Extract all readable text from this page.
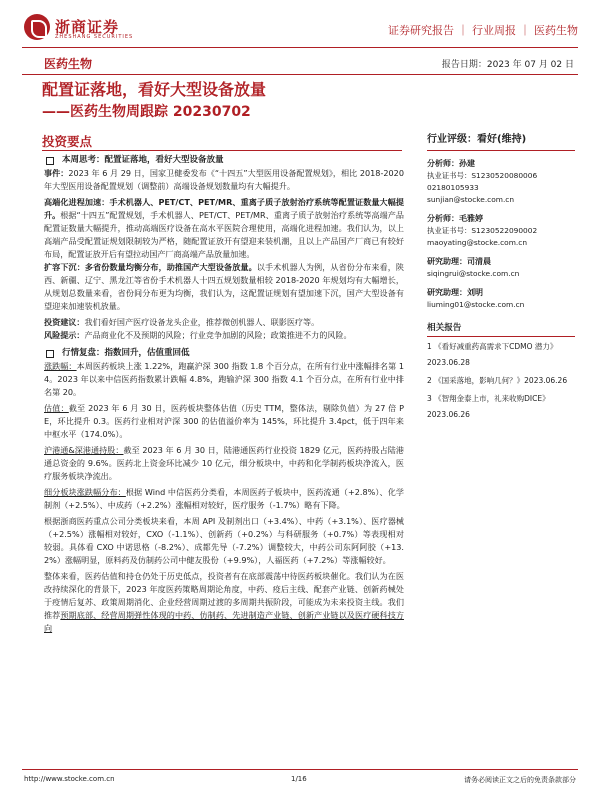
浙商证券
ZHESHANG SECURITIES	证券研究报告 ｜ 行业周报 ｜ 医药生物
医药生物	报告日期：2023 年 07 月 02 日
配置证落地，看好大型设备放量
——医药生物周跟踪 20230702
投资要点
本周思考：配置证落地，看好大型设备放量

事件：2023 年 6 月 29 日，国家卫健委发布《“十四五”大型医用设备配置规划》，相比 2018-2020 年大型医用设备配置规划（调整前）高端设备规划数量均有大幅提升。

高端化进程加速：手术机器人、PET/CT、PET/MR、重离子质子放射治疗系统等配置证数量大幅提升。根据“十四五”配置规划，手术机器人、PET/CT、PET/MR、重离子质子放射治疗系统等高端产品配置证数量大幅提升，推动高端医疗设备在高水平医院合理使用，高端化进程加速。我们认为，以上高端产品受配置证规划限制较为严格，随配置证放开有望迎来装机潮，且以上产品国产厂商已有较好布局，配置证放开后有望拉动国产厂商高端产品放量加速。

扩容下沉：多省份数量均衡分布，助推国产大型设备放量。以手术机器人为例，从省份分布来看，陕西、新疆、辽宁、黑龙江等省份手术机器人十四五规划数量相较 2018-2020 年规划均有大幅增长，从规划总数量来看，省份间分布更为均衡，我们认为，这配置证规划有望加速下沉，国产大型设备有望迎来加速装机放量。

投资建议：我们看好国产医疗设备龙头企业，推荐微创机器人、联影医疗等。

风险提示：产品商业化不及预期的风险；行业竞争加剧的风险；政策推进不力的风险。

行情复盘：指数回升，估值重回低

涨跌幅：本周医药板块上涨 1.22%，跑赢沪深 300 指数 1.8 个百分点，在所有行业中涨幅排名第 14。2023 年以来中信医药指数累计跌幅 4.8%，跑输沪深 300 指数 4.1 个百分点，在所有行业中排名第 20。

估值：截至 2023 年 6 月 30 日，医药板块整体估值（历史 TTM，整体法，剔除负值）为 27 倍 PE，环比提升 0.3。医药行业相对沪深 300 的估值溢价率为 145%，环比提升 3.4pct，低于四年来中枢水平（174.0%）。

沪港通&深港通持股：截至 2023 年 6 月 30 日，陆港通医药行业投资 1829 亿元，医药持股占陆港通总资金的 9.6%。医药北上资金环比减少 10 亿元，细分板块中，中药和化学制药板块净流入，医疗服务板块净流出。

细分板块涨跌幅分布：根据 Wind 中信医药分类看，本周医药子板块中，医药流通（+2.8%）、化学制剂（+2.5%）、中成药（+2.2%）涨幅相对较好，医疗服务（-1.7%）略有下降。

根据浙商医药重点公司分类板块来看，本周 API 及制剂出口（+3.4%）、中药（+3.1%）、医疗器械（+2.5%）涨幅相对较好，CXO（-1.1%）、创新药（+0.2%）与科研服务（+0.7%）等表现相对较弱。具体看 CXO 中诺思格（-8.2%）、成都先导（-7.2%）调整较大，中药公司东阿阿胶（+13.2%）涨幅明显，原料药及仿制药公司中健友股份（+9.9%），人福医药（+7.2%）等涨幅较好。

整体来看，医药估值和持仓仍处于历史低点，投资者有在底部震荡中待医药板块催化。我们认为在医改持续深化的背景下，2023 年度医药策略周期论角度，中药、疫后主线、配套产业链、创新药械处于疫情后复苏、政策周期消化、企业经营周期过渡的多周期共振阶段，可能成为未来投资主线。我们推荐预期底部、经营周期弹性体现的中药、仿制药、先进制造产业链、创新产业链以及医疗硬科技方向

行业评级：看好(维持)
分析师：孙建
执业证书号：S1230520080006
02180105933
sunjian@stocke.com.cn
分析师：毛雅婷
执业证书号：S1230522090002
maoyating@stocke.com.cn
研究助理：司清晨
siqingrui@stocke.com.cn
研究助理：刘明
liuming01@stocke.com.cn
相关报告
1 《看好减重药高需求下CDMO 潜力》 2023.06.28
2 《国采落地，影响几何？》2023.06.26
3 《智翔金泰上市，礼来收购DICE》 2023.06.26
http://www.stocke.com.cn	1/16	请务必阅读正文之后的免责条款部分
